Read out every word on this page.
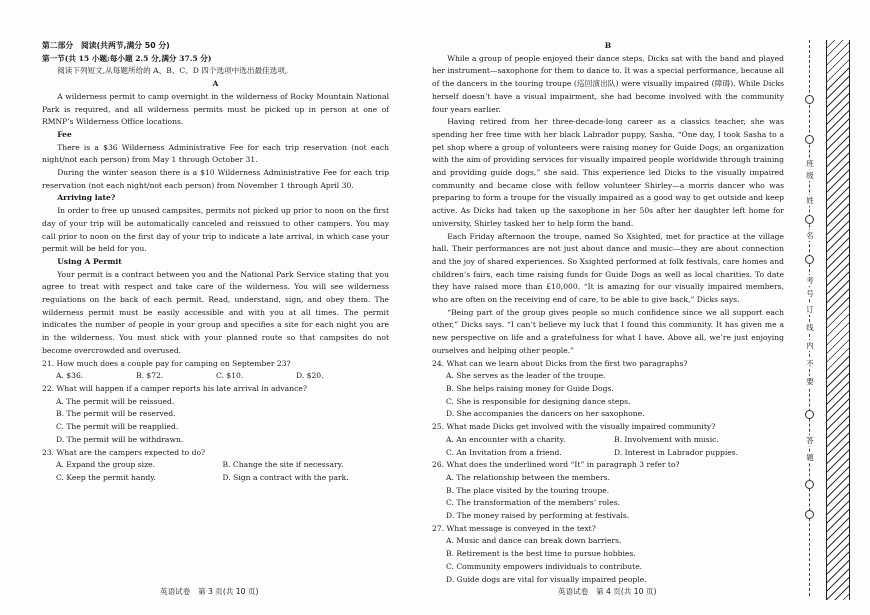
第二部分　阅读(共两节,满分 50 分)

第一节(共 15 小题;每小题 2.5 分,满分 37.5 分)

阅读下列短文,从每题所给的 A、B、C、D 四个选项中选出最佳选项。

A

A wilderness permit to camp overnight in the wilderness of Rocky Mountain National Park is required, and all wilderness permits must be picked up in person at one of RMNP’s Wilderness Office locations.

Fee

There is a $36 Wilderness Administrative Fee for each trip reservation (not each night/not each person) from May 1 through October 31.

During the winter season there is a $10 Wilderness Administrative Fee for each trip reservation (not each night/not each person) from November 1 through April 30.

Arriving late?

In order to free up unused campsites, permits not picked up prior to noon on the first day of your trip will be automatically canceled and reissued to other campers. You may call prior to noon on the first day of your trip to indicate a late arrival, in which case your permit will be held for you.

Using A Permit

Your permit is a contract between you and the National Park Service stating that you agree to treat with respect and take care of the wilderness. You will see wilderness regulations on the back of each permit. Read, understand, sign, and obey them. The wilderness permit must be easily accessible and with you at all times. The permit indicates the number of people in your group and specifies a site for each night you are in the wilderness. You must stick with your planned route so that campsites do not become overcrowded and overused.

21. How much does a couple pay for camping on September 23?

A. $36.	B. $72.	C. $10.	D. $20.

22. What will happen if a camper reports his late arrival in advance?

A. The permit will be reissued.

B. The permit will be reserved.

C. The permit will be reapplied.

D. The permit will be withdrawn.

23. What are the campers expected to do?

A. Expand the group size.	B. Change the site if necessary.
C. Keep the permit handy.	D. Sign a contract with the park.

B

While a group of people enjoyed their dance steps, Dicks sat with the band and played her instrument—saxophone for them to dance to. It was a special performance, because all of the dancers in the touring troupe (巡回演出队) were visually impaired (障碍). While Dicks herself doesn’t have a visual impairment, she had become involved with the community four years earlier.

Having retired from her three-decade-long career as a classics teacher, she was spending her free time with her black Labrador puppy, Sasha. “One day, I took Sasha to a pet shop where a group of volunteers were raising money for Guide Dogs, an organization with the aim of providing services for visually impaired people worldwide through training and providing guide dogs,” she said. This experience led Dicks to the visually impaired community and became close with fellow volunteer Shirley—a morris dancer who was preparing to form a troupe for the visually impaired as a good way to get outside and keep active. As Dicks had taken up the saxophone in her 50s after her daughter left home for university, Shirley tasked her to help form the band.

Each Friday afternoon the troupe, named So Xsighted, met for practice at the village hall. Their performances are not just about dance and music—they are about connection and the joy of shared experiences. So Xsighted performed at folk festivals, care homes and children’s fairs, each time raising funds for Guide Dogs as well as local charities. To date they have raised more than £10,000. “It is amazing for our visually impaired members, who are often on the receiving end of care, to be able to give back,” Dicks says.

“Being part of the group gives people so much confidence since we all support each other,” Dicks says. “I can’t believe my luck that I found this community. It has given me a new perspective on life and a gratefulness for what I have. Above all, we’re just enjoying ourselves and helping other people.”

24. What can we learn about Dicks from the first two paragraphs?

A. She serves as the leader of the troupe.

B. She helps raising money for Guide Dogs.

C. She is responsible for designing dance steps.

D. She accompanies the dancers on her saxophone.

25. What made Dicks get involved with the visually impaired community?

A. An encounter with a charity.	B. Involvement with music.
C. An Invitation from a friend.	D. Interest in Labrador puppies.

26. What does the underlined word “It” in paragraph 3 refer to?

A. The relationship between the members.

B. The place visited by the touring troupe.

C. The transformation of the members’ roles.

D. The money raised by performing at festivals.

27. What message is conveyed in the text?

A. Music and dance can break down barriers.

B. Retirement is the best time to pursue hobbies.

C. Community empowers individuals to contribute.

D. Guide dogs are vital for visually impaired people.

英语试卷　第 3 页(共 10 页)	英语试卷　第 4 页(共 10 页)
班
级
姓
名
考
号
订
线
内
不
要
答
题
